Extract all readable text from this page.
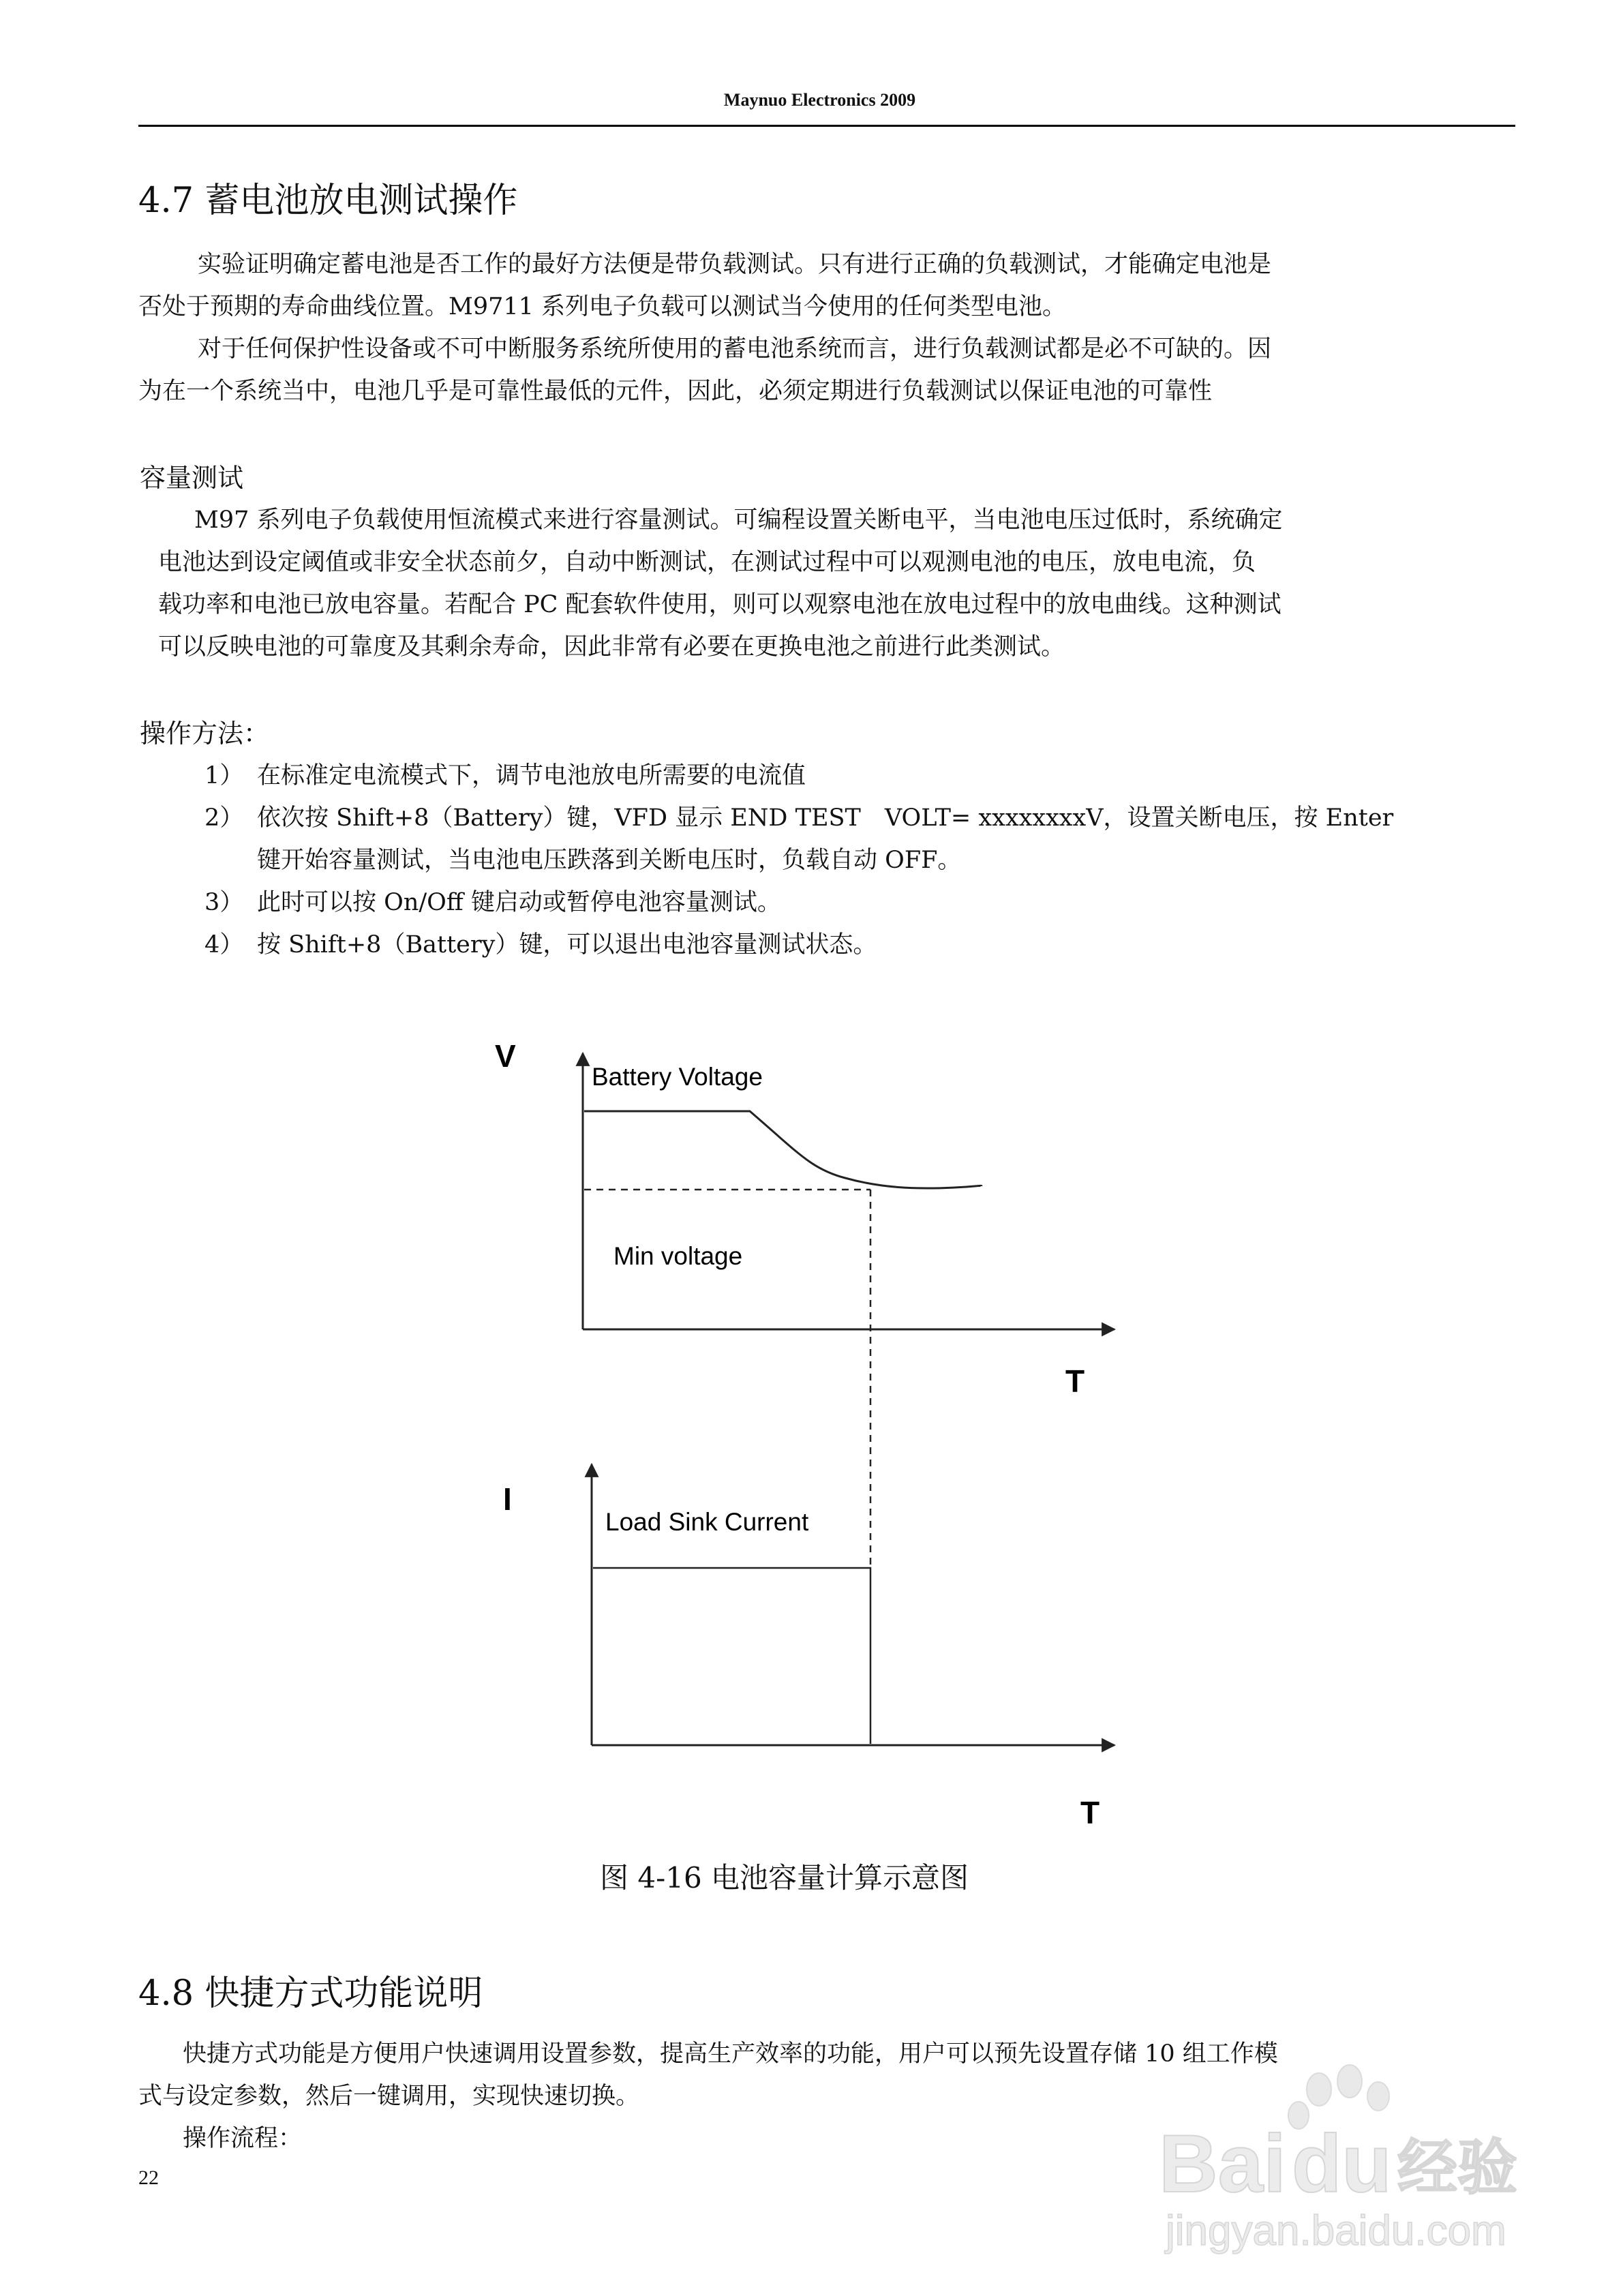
Maynuo Electronics 2009
4.7 蓄电池放电测试操作
实验证明确定蓄电池是否工作的最好方法便是带负载测试。只有进行正确的负载测试，才能确定电池是
否处于预期的寿命曲线位置。M9711 系列电子负载可以测试当今使用的任何类型电池。
对于任何保护性设备或不可中断服务系统所使用的蓄电池系统而言，进行负载测试都是必不可缺的。因
为在一个系统当中，电池几乎是可靠性最低的元件，因此，必须定期进行负载测试以保证电池的可靠性
容量测试
M97 系列电子负载使用恒流模式来进行容量测试。可编程设置关断电平，当电池电压过低时，系统确定
电池达到设定阈值或非安全状态前夕，自动中断测试，在测试过程中可以观测电池的电压，放电电流，负
载功率和电池已放电容量。若配合 PC 配套软件使用，则可以观察电池在放电过程中的放电曲线。这种测试
可以反映电池的可靠度及其剩余寿命，因此非常有必要在更换电池之前进行此类测试。
操作方法：
1） 在标准定电流模式下，调节电池放电所需要的电流值
2） 依次按 Shift+8（Battery）键，VFD 显示 END TEST　VOLT= xxxxxxxxV，设置关断电压，按 Enter
键开始容量测试，当电池电压跌落到关断电压时，负载自动 OFF。
3） 此时可以按 On/Off 键启动或暂停电池容量测试。
4） 按 Shift+8（Battery）键，可以退出电池容量测试状态。
V
Battery Voltage
Min voltage
T
I
Load Sink Current
T
图 4-16 电池容量计算示意图
4.8 快捷方式功能说明
快捷方式功能是方便用户快速调用设置参数，提高生产效率的功能，用户可以预先设置存储 10 组工作模
式与设定参数，然后一键调用，实现快速切换。
操作流程：
22	Bai du 经验
jingyan.baidu.com
